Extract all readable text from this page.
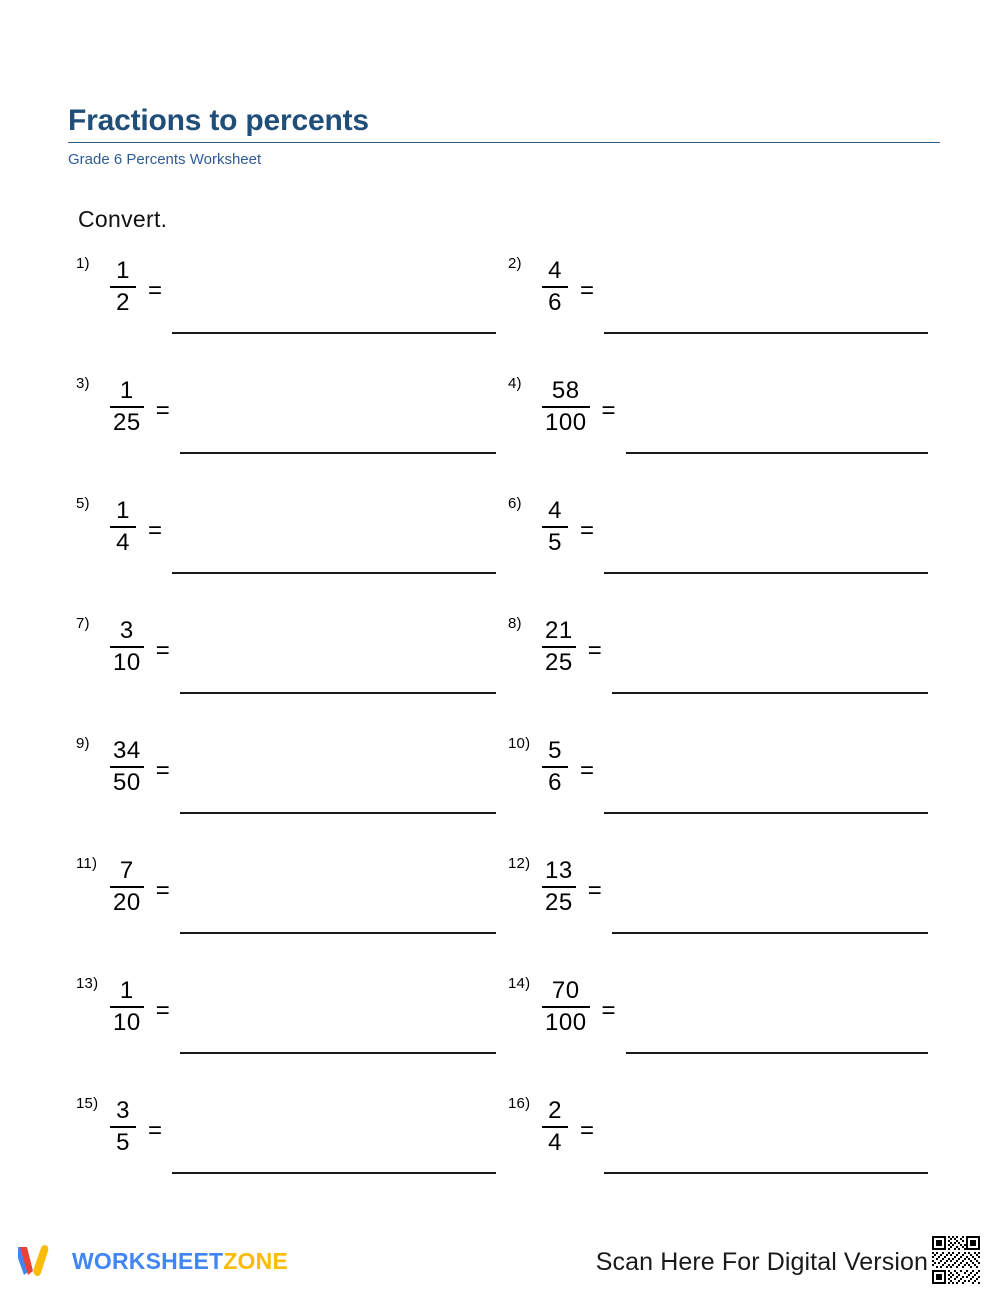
Fractions to percents
Grade 6 Percents Worksheet
Convert.
$1) \frac{1}{2}$ =
$2) \frac{4}{6}$ =
$3) \frac{1}{25}$ =
$4) \frac{58}{100}$ =
$5) \frac{1}{4}$ =
$6) \frac{4}{5}$ =
$7) \frac{3}{10}$ =
$8) \frac{21}{25}$ =
$9) \frac{34}{50}$ =
$10) \frac{5}{6}$ =
$11) \frac{7}{20}$ =
$12) \frac{13}{25}$ =
$13) \frac{1}{10}$ =
$14) \frac{70}{100}$ =
$15) \frac{3}{5}$ =
$16) \frac{2}{4}$ =
WORKSHEETZONE	Scan Here For Digital Version
